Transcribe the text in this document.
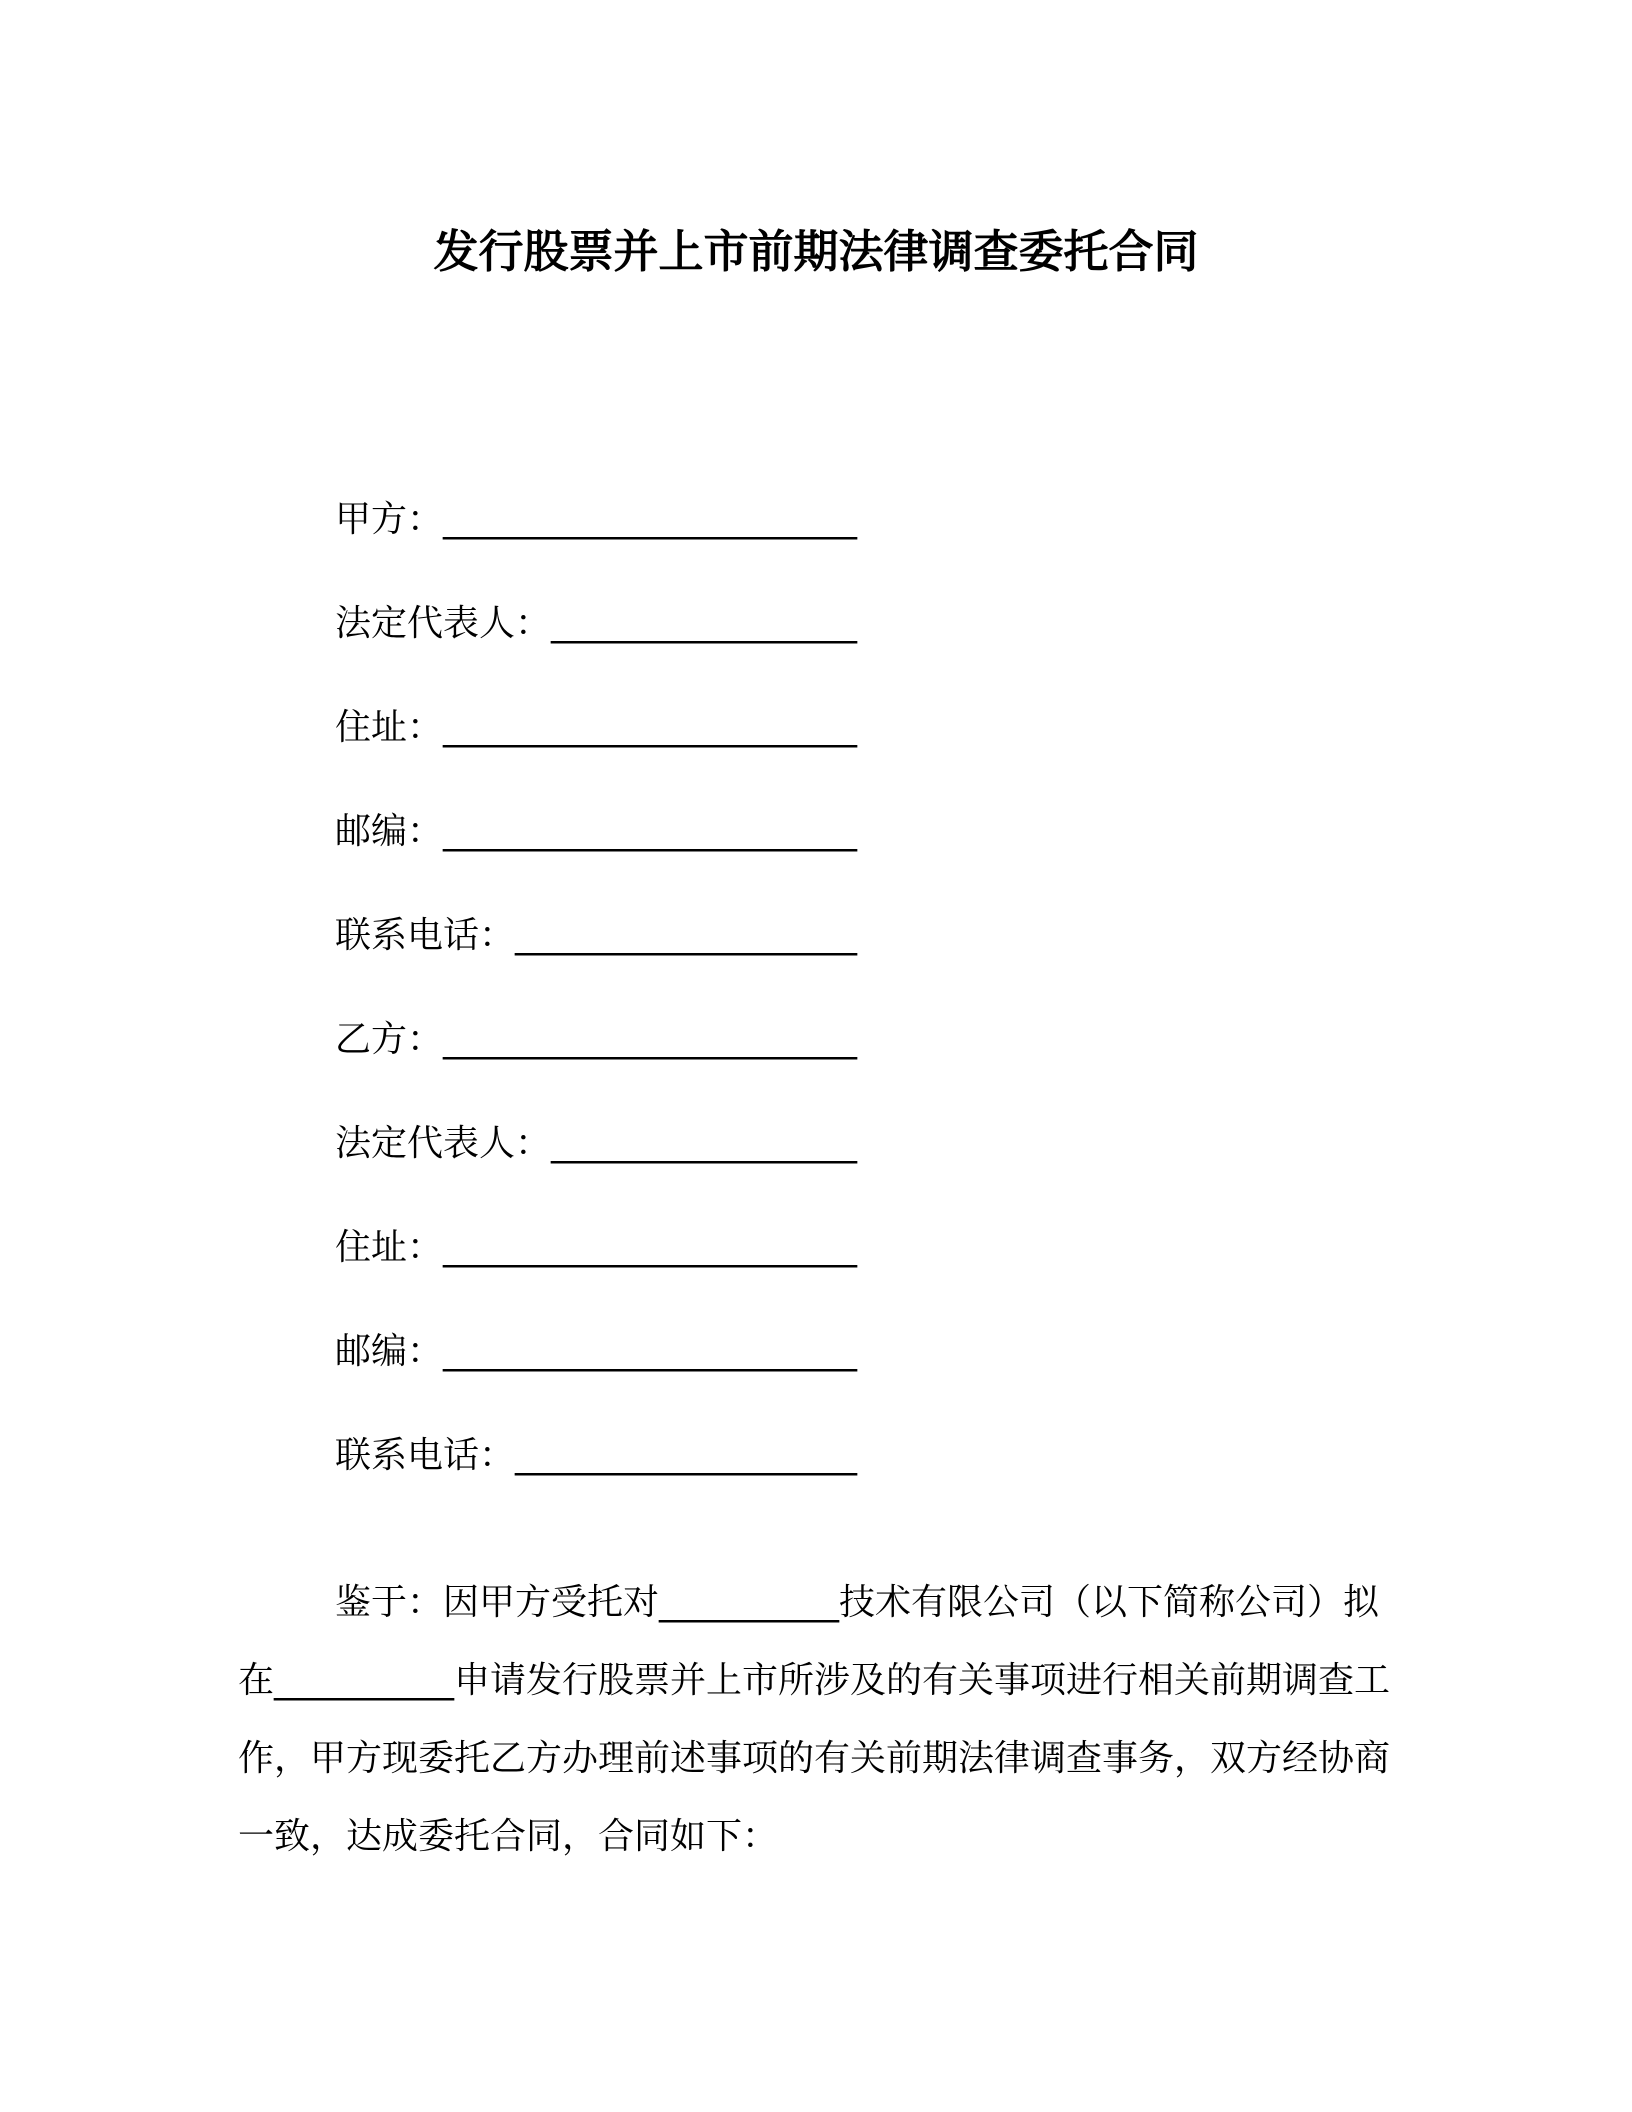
发行股票并上市前期法律调查委托合同
甲方：_______________________
法定代表人：_________________
住址：_______________________
邮编：_______________________
联系电话：___________________
乙方：_______________________
法定代表人：_________________
住址：_______________________
邮编：_______________________
联系电话：___________________

鉴于：因甲方受托对__________技术有限公司（以下简称公司）拟在__________申请发行股票并上市所涉及的有关事项进行相关前期调查工作，甲方现委托乙方办理前述事项的有关前期法律调查事务，双方经协商一致，达成委托合同，合同如下：
